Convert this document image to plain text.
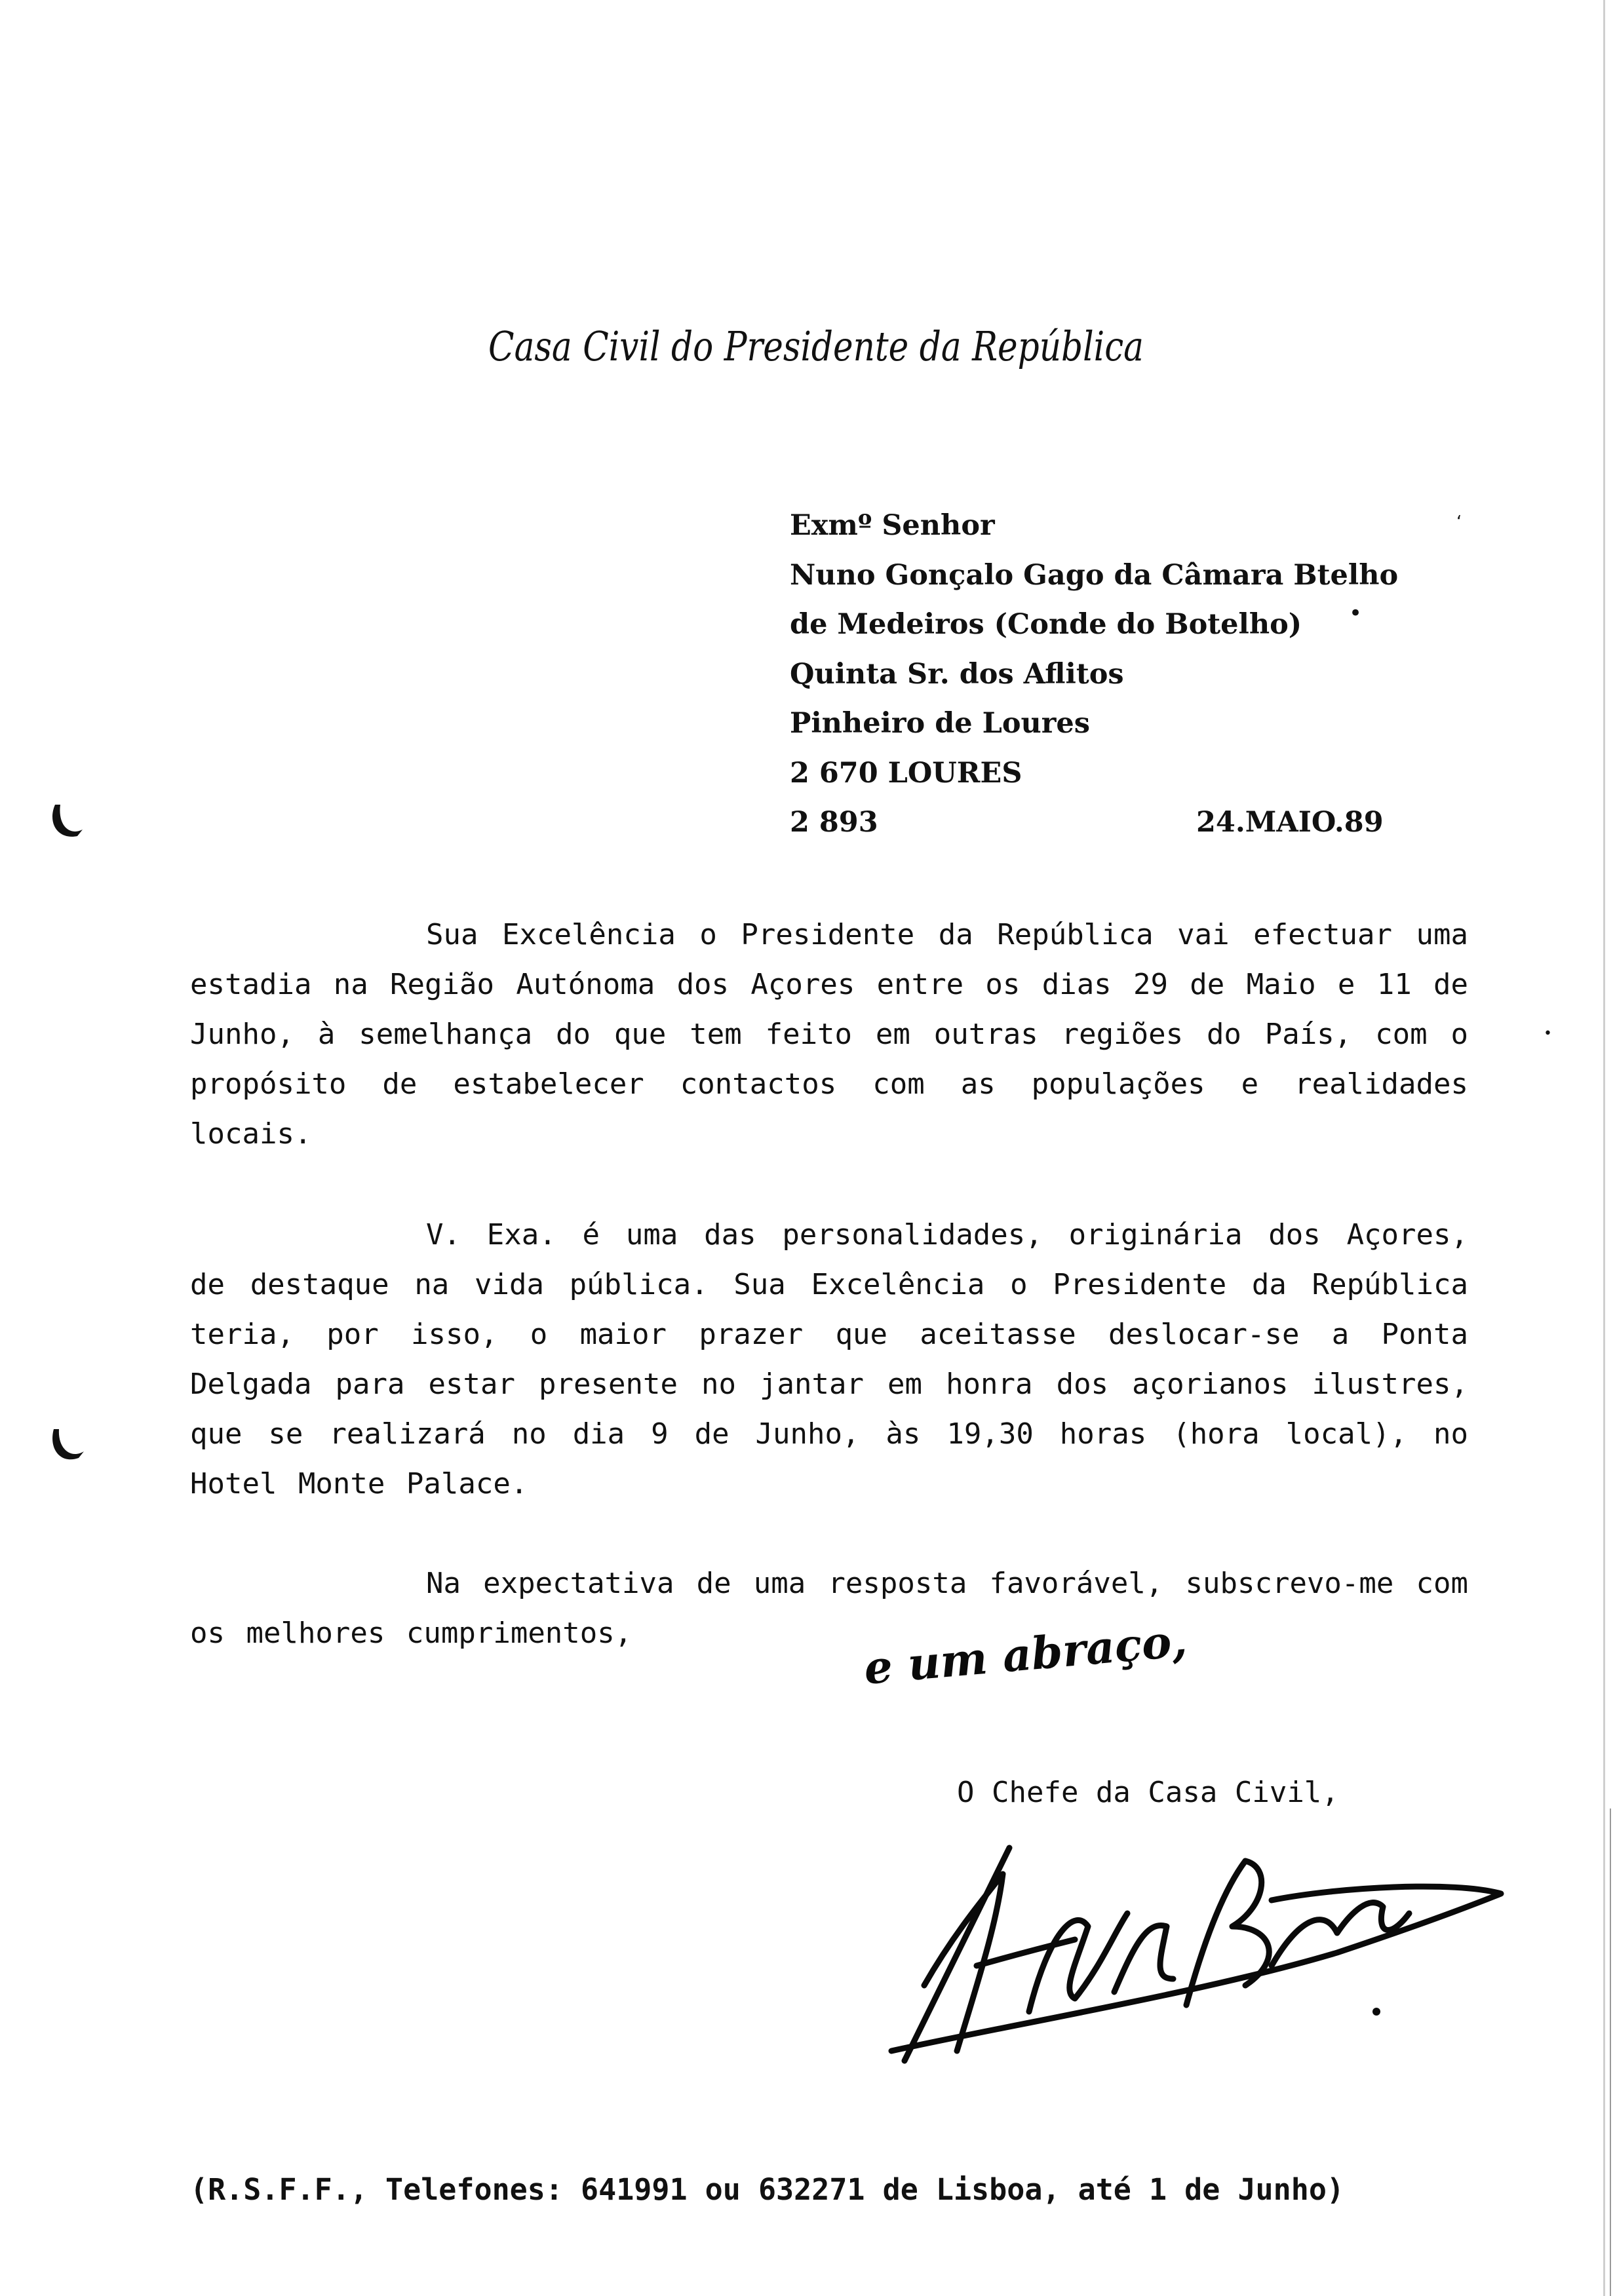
Casa Civil do Presidente da República
Exmº Senhor
Nuno Gonçalo Gago da Câmara Btelho
de Medeiros (Conde do Botelho)
Quinta Sr. dos Aflitos
Pinheiro de Loures
2 670 LOURES
2 893	24.MAIO.89
‘
•
•

Sua Excelência o Presidente da República vai efectuar uma estadia na Região Autónoma dos Açores entre os dias 29 de Maio e 11 de Junho, à semelhança do que tem feito em outras regiões do País, com o propósito de estabelecer contactos com as populações e realidades locais.

V. Exa. é uma das personalidades, originária dos Açores, de destaque na vida pública. Sua Excelência o Presidente da República teria, por isso, o maior prazer que aceitasse deslocar-se a Ponta Delgada para estar presente no jantar em honra dos açorianos ilustres, que se realizará no dia 9 de Junho, às 19,30 horas (hora local), no Hotel Monte Palace.

Na expectativa de uma resposta favorável, subscrevo-me com os melhores cumprimentos,	e um abraço,
O Chefe da Casa Civil,
(R.S.F.F., Telefones: 641991 ou 632271 de Lisboa, até 1 de Junho)
